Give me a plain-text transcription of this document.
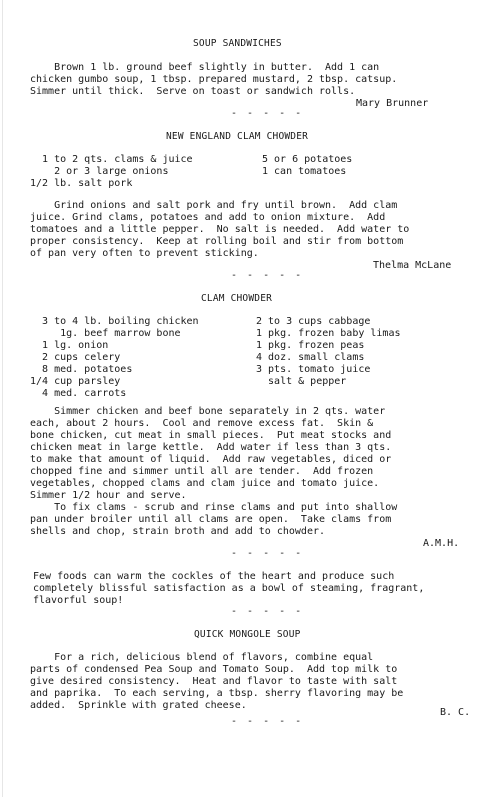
SOUP SANDWICHES
Brown 1 lb. ground beef slightly in butter.  Add 1 can
chicken gumbo soup, 1 tbsp. prepared mustard, 2 tbsp. catsup.
Simmer until thick.  Serve on toast or sandwich rolls.
Mary Brunner
- - - - -
NEW ENGLAND CLAM CHOWDER
1 to 2 qts. clams & juice
2 or 3 large onions
1/2 lb. salt pork
5 or 6 potatoes
1 can tomatoes
Grind onions and salt pork and fry until brown.  Add clam
juice. Grind clams, potatoes and add to onion mixture.  Add
tomatoes and a little pepper.  No salt is needed.  Add water to
proper consistency.  Keep at rolling boil and stir from bottom
of pan very often to prevent sticking.
Thelma McLane
- - - - -
CLAM CHOWDER
3 to 4 lb. boiling chicken
1g. beef marrow bone
1 lg. onion
2 cups celery
8 med. potatoes
1/4 cup parsley
4 med. carrots
2 to 3 cups cabbage
1 pkg. frozen baby limas
1 pkg. frozen peas
4 doz. small clams
3 pts. tomato juice
salt & pepper
Simmer chicken and beef bone separately in 2 qts. water
each, about 2 hours.  Cool and remove excess fat.  Skin &
bone chicken, cut meat in small pieces.  Put meat stocks and
chicken meat in large kettle.  Add water if less than 3 qts.
to make that amount of liquid.  Add raw vegetables, diced or
chopped fine and simmer until all are tender.  Add frozen
vegetables, chopped clams and clam juice and tomato juice.
Simmer 1/2 hour and serve.
To fix clams - scrub and rinse clams and put into shallow
pan under broiler until all clams are open.  Take clams from
shells and chop, strain broth and add to chowder.
A.M.H.
- - - - -
Few foods can warm the cockles of the heart and produce such
completely blissful satisfaction as a bowl of steaming, fragrant,
flavorful soup!
- - - - -
QUICK MONGOLE SOUP
For a rich, delicious blend of flavors, combine equal
parts of condensed Pea Soup and Tomato Soup.  Add top milk to
give desired consistency.  Heat and flavor to taste with salt
and paprika.  To each serving, a tbsp. sherry flavoring may be
added.  Sprinkle with grated cheese.
B. C.
- - - - -
